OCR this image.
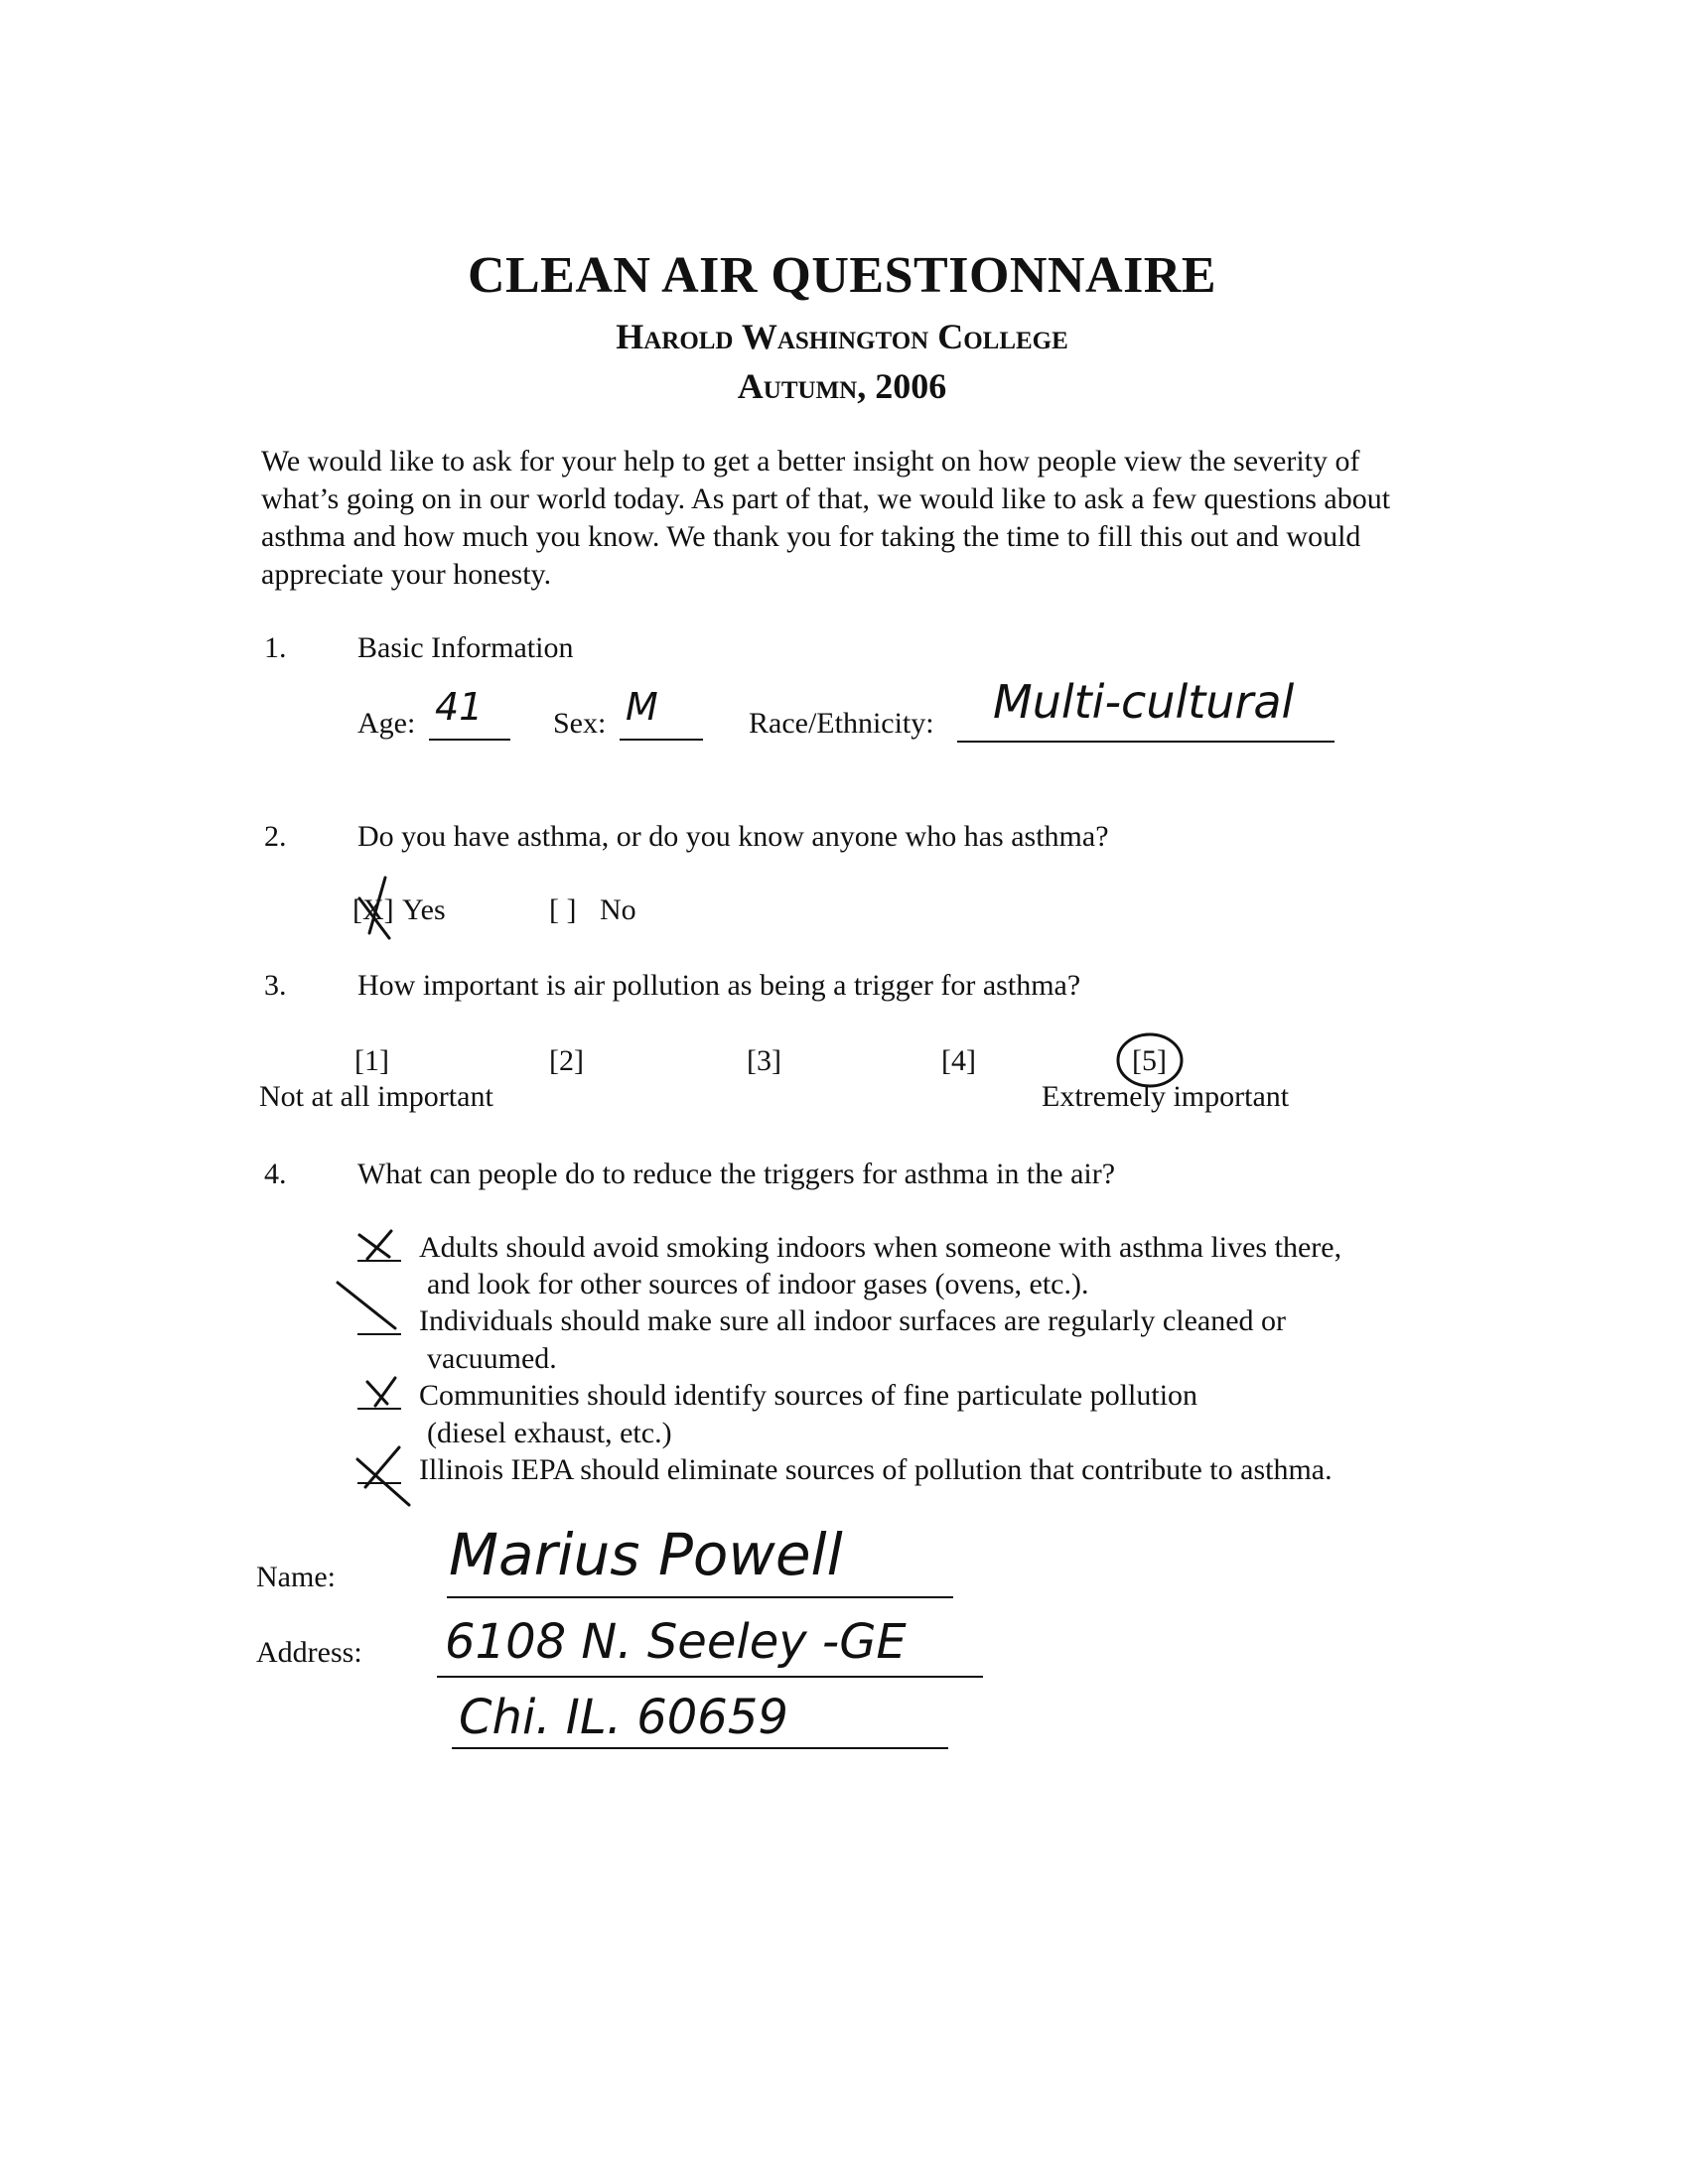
CLEAN AIR QUESTIONNAIRE
Harold Washington College
Autumn, 2006
We would like to ask for your help to get a better insight on how people view the severity of what’s going on in our world today. As part of that, we would like to ask a few questions about asthma and how much you know. We thank you for taking the time to fill this out and would appreciate your honesty.
1. Basic Information
Age: 41 Sex: M	Race/Ethnicity: Multi-cultural
2. Do you have asthma, or do you know anyone who has asthma?
[X] Yes	[ ] No
3. How important is air pollution as being a trigger for asthma?
[1]	[2]	[3]	[4]	[5]
Not at all important	Extremely important
4. What can people do to reduce the triggers for asthma in the air?
Adults should avoid smoking indoors when someone with asthma lives there,
and look for other sources of indoor gases (ovens, etc.).
Individuals should make sure all indoor surfaces are regularly cleaned or
vacuumed.
Communities should identify sources of fine particulate pollution
(diesel exhaust, etc.)
Illinois IEPA should eliminate sources of pollution that contribute to asthma.
Name: Marius Powell
Address: 6108 N. Seeley -GE
Chi. IL. 60659
